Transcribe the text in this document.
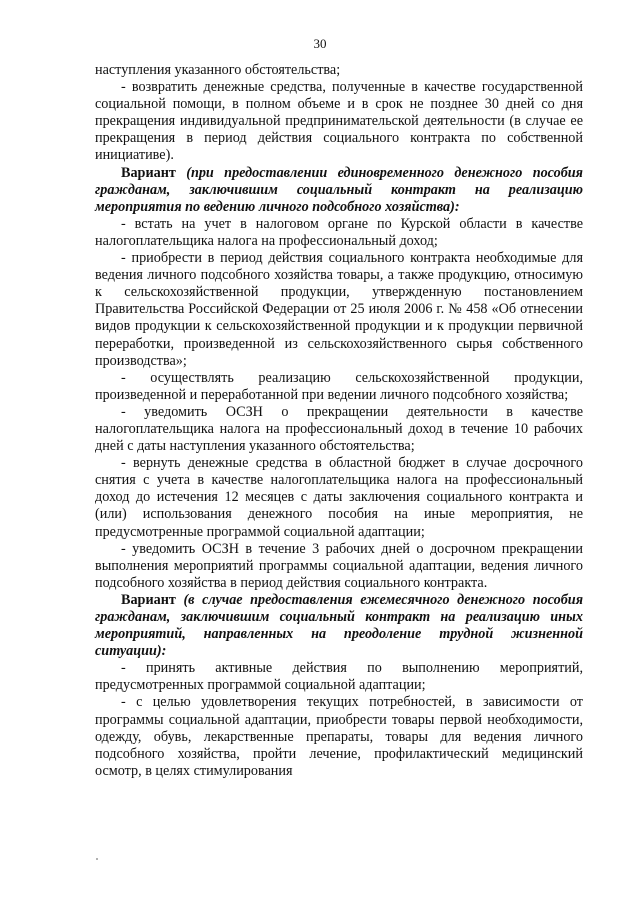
30

наступления указанного обстоятельства;

- возвратить денежные средства, полученные в качестве государственной социальной помощи, в полном объеме и в срок не позднее 30 дней со дня прекращения индивидуальной предпринимательской деятельности (в случае ее прекращения в период действия социального контракта по собственной инициативе).

Вариант (при предоставлении единовременного денежного пособия гражданам, заключившим социальный контракт на реализацию мероприятия по ведению личного подсобного хозяйства):

- встать на учет в налоговом органе по Курской области в качестве налогоплательщика налога на профессиональный доход;

- приобрести в период действия социального контракта необходимые для ведения личного подсобного хозяйства товары, а также продукцию, относимую к сельскохозяйственной продукции, утвержденную постановлением Правительства Российской Федерации от 25 июля 2006 г. № 458 «Об отнесении видов продукции к сельскохозяйственной продукции и к продукции первичной переработки, произведенной из сельскохозяйственного сырья собственного производства»;

- осуществлять реализацию сельскохозяйственной продукции, произведенной и переработанной при ведении личного подсобного хозяйства;

- уведомить ОСЗН о прекращении деятельности в качестве налогоплательщика налога на профессиональный доход в течение 10 рабочих дней с даты наступления указанного обстоятельства;

- вернуть денежные средства в областной бюджет в случае досрочного снятия с учета в качестве налогоплательщика налога на профессиональный доход до истечения 12 месяцев с даты заключения социального контракта и (или) использования денежного пособия на иные мероприятия, не предусмотренные программой социальной адаптации;

- уведомить ОСЗН в течение 3 рабочих дней о досрочном прекращении выполнения мероприятий программы социальной адаптации, ведения личного подсобного хозяйства в период действия социального контракта.

Вариант (в случае предоставления ежемесячного денежного пособия гражданам, заключившим социальный контракт на реализацию иных мероприятий, направленных на преодоление трудной жизненной ситуации):

- принять активные действия по выполнению мероприятий, предусмотренных программой социальной адаптации;

- с целью удовлетворения текущих потребностей, в зависимости от программы социальной адаптации, приобрести товары первой необходимости, одежду, обувь, лекарственные препараты, товары для ведения личного подсобного хозяйства, пройти лечение, профилактический медицинский осмотр, в целях стимулирования
